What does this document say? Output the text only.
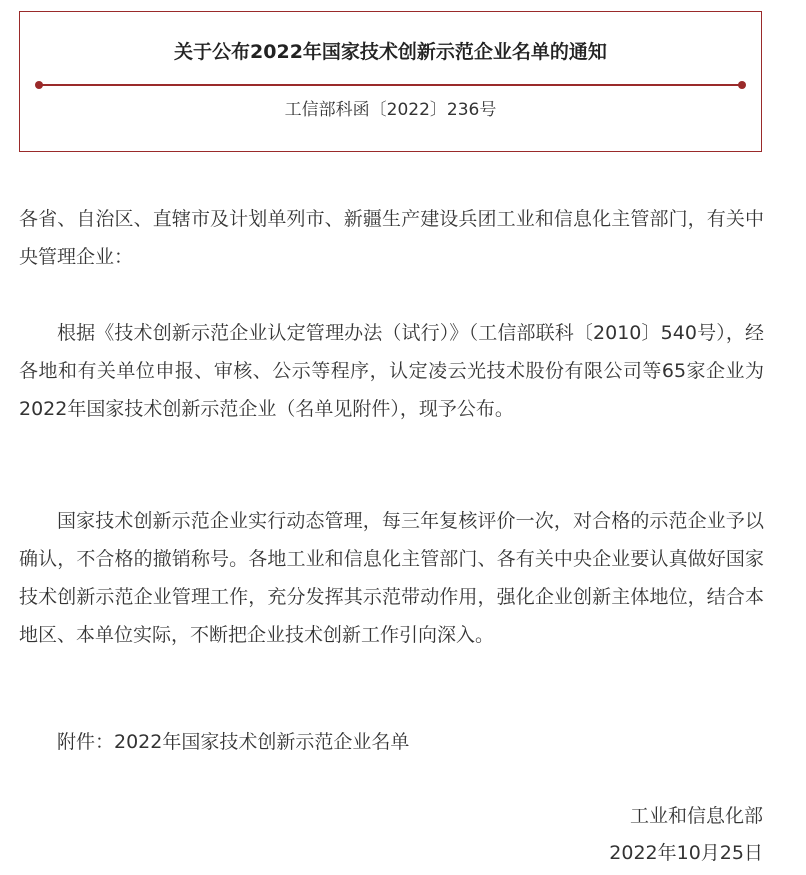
关于公布2022年国家技术创新示范企业名单的通知
工信部科函〔2022〕236号

各省、自治区、直辖市及计划单列市、新疆生产建设兵团工业和信息化主管部门，有关中央管理企业：

根据《技术创新示范企业认定管理办法（试行）》（工信部联科〔2010〕540号），经各地和有关单位申报、审核、公示等程序，认定凌云光技术股份有限公司等65家企业为2022年国家技术创新示范企业（名单见附件），现予公布。

国家技术创新示范企业实行动态管理，每三年复核评价一次，对合格的示范企业予以确认，不合格的撤销称号。各地工业和信息化主管部门、各有关中央企业要认真做好国家技术创新示范企业管理工作，充分发挥其示范带动作用，强化企业创新主体地位，结合本地区、本单位实际，不断把企业技术创新工作引向深入。

附件：2022年国家技术创新示范企业名单

工业和信息化部
2022年10月25日
